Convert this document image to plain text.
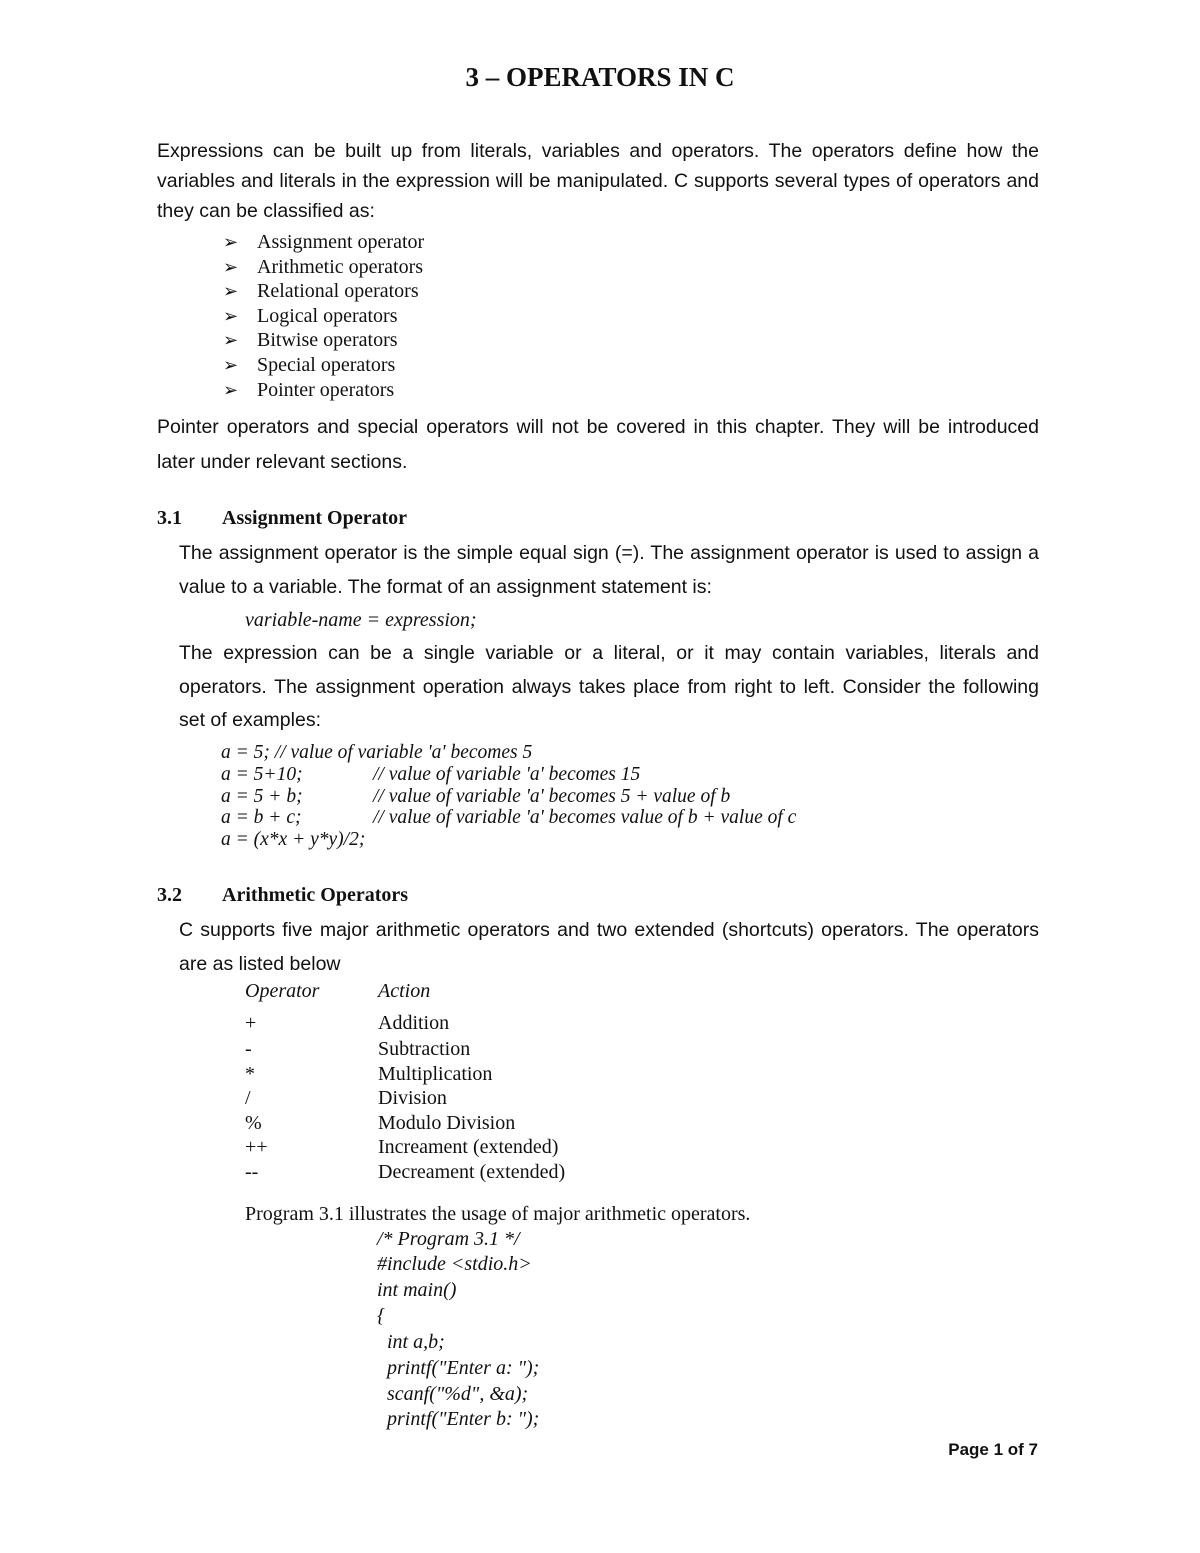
3 – OPERATORS IN C
Expressions can be built up from literals, variables and operators. The operators define how the variables and literals in the expression will be manipulated. C supports several types of operators and they can be classified as:
➢ Assignment operator
➢ Arithmetic operators
➢ Relational operators
➢ Logical operators
➢ Bitwise operators
➢ Special operators
➢ Pointer operators
Pointer operators and special operators will not be covered in this chapter. They will be introduced later under relevant sections.
3.1 Assignment Operator
The assignment operator is the simple equal sign (=). The assignment operator is used to assign a value to a variable. The format of an assignment statement is:
variable-name = expression;
The expression can be a single variable or a literal, or it may contain variables, literals and operators. The assignment operation always takes place from right to left. Consider the following set of examples:
a = 5; // value of variable 'a' becomes 5
a = 5+10;	// value of variable 'a' becomes 15
a = 5 + b;	// value of variable 'a' becomes 5 + value of b
a = b + c;	// value of variable 'a' becomes value of b + value of c
a = (x*x + y*y)/2;
3.2 Arithmetic Operators
C supports five major arithmetic operators and two extended (shortcuts) operators. The operators are as listed below
Operator	Action
+	Addition
-	Subtraction
*	Multiplication
/	Division
%	Modulo Division
++	Increament (extended)
--	Decreament (extended)
Program 3.1 illustrates the usage of major arithmetic operators.
/* Program 3.1 */
#include <stdio.h>
int main()
{
int a,b;
printf("Enter a: ");
scanf("%d", &a);
printf("Enter b: ");
Page 1 of 7
